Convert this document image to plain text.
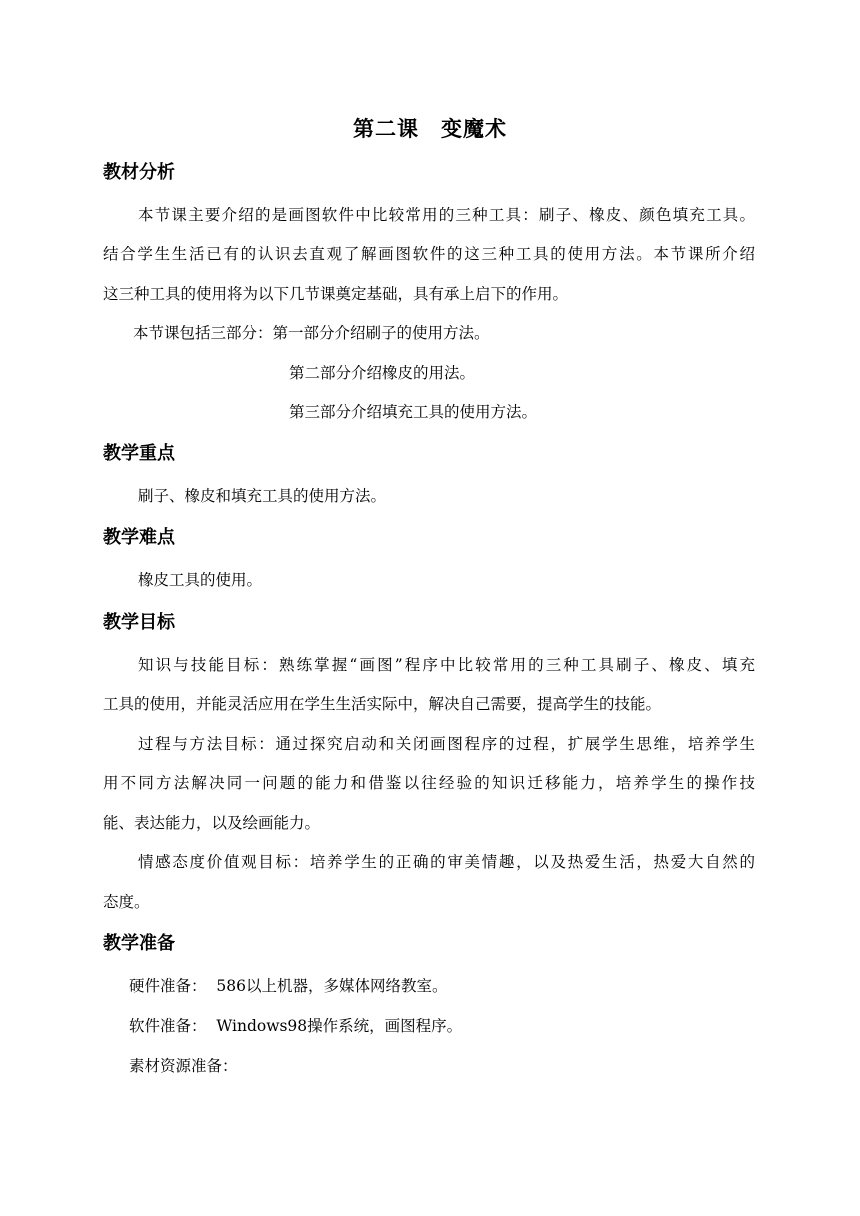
第二课　变魔术
教材分析
本节课主要介绍的是画图软件中比较常用的三种工具：刷子、橡皮、颜色填充工具。
结合学生生活已有的认识去直观了解画图软件的这三种工具的使用方法。本节课所介绍
这三种工具的使用将为以下几节课奠定基础，具有承上启下的作用。
本节课包括三部分：第一部分介绍刷子的使用方法。
第二部分介绍橡皮的用法。
第三部分介绍填充工具的使用方法。
教学重点
刷子、橡皮和填充工具的使用方法。
教学难点
橡皮工具的使用。
教学目标
知识与技能目标：熟练掌握“画图”程序中比较常用的三种工具刷子、橡皮、填充
工具的使用，并能灵活应用在学生生活实际中，解决自己需要，提高学生的技能。
过程与方法目标：通过探究启动和关闭画图程序的过程，扩展学生思维，培养学生
用不同方法解决同一问题的能力和借鉴以往经验的知识迁移能力，培养学生的操作技
能、表达能力，以及绘画能力。
情感态度价值观目标：培养学生的正确的审美情趣，以及热爱生活，热爱大自然的
态度。
教学准备
硬件准备：  586以上机器，多媒体网络教室。
软件准备：  Windows98操作系统，画图程序。
素材资源准备：
